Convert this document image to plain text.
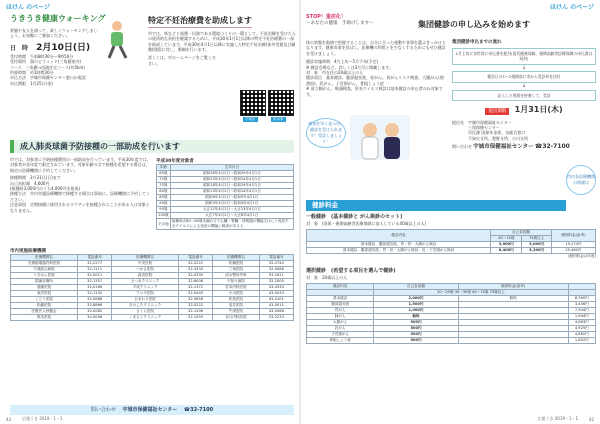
ほけん のページ	ほけん のページ
うきうき健康ウォーキング
景観や友人を誘って、楽しくウォーキングしましょう。お気軽にご参加ください。
日　時 2月10日(日)
受付時間　午前8時30分～9時50分
受付場所　湯のピラミッド(三角錐家内)
コース　三角錐→西浦住宅コース(約5km)
所要時間　約1時間30分
申込方法　宇城市保健センター窓口か電話
申込期限　1月25日(金)
特定不妊治療費を助成します
市では、県などと経費・出資である環境づくりの一環として、不妊治療を受けた人の経済的な負担を軽減するために、平成30年1月1日以降の特定不妊治療費の一部を助成しています。平成30年4月1日以降に実施した特定不妊治療(体外受精及び顕微授精)に対し、要綱を行います。
詳しくは、市ホームページをご覧ください。
宇城市	熊本県
成人肺炎球菌予防接種の一部助成を行います
市では、対象者に予防接種費用の一部助成を行っています。平成30年度では、対象者が各年度で限定されています。対象年齢の方で接種を希望する場合は、指定の医療機関に予約してください。
接種期間　3月31日(日)まで
自己負担額　4,600円
(接種料3,000円のうち4,000円を助成)
接種方法　市内実施医療機関で接種する場合は事前に、医療機関に予約してください。
注意事項　定期接種に使用されるワクチンを接種されたことがある人は対象となりません。
平成30年度対象者
年齢	生年月日
65歳	昭和28年4月2日～昭和29年4月1日
70歳	昭和23年4月2日～昭和24年4月1日
75歳	昭和18年4月2日～昭和19年4月1日
80歳	昭和13年4月2日～昭和14年4月1日
85歳	昭和8年4月2日～昭和9年4月1日
90歳	昭和3年4月2日～昭和4年4月1日
95歳	大正12年4月2日～大正13年4月1日
100歳	大正7年4月2日～大正8年4月1日
その他	接種時点60～65歳未満の方で心臓・腎臓・呼吸器の機能又はヒト免疫不全ウイルスによる免疫の機能に障害がある人
市内実施医療機関
医療機関名	電話番号	医療機関名	電話番号	医療機関名	電話番号
長嶺循環器内科医院	32-2277	中央医院	32-0222	松橋医院	52-2740
宇城総合病院	32-1111	つかさ医院	32-3333	三角医院	32-0088
うきはら医院	32-0011	森田医院	32-0335	清水整形外科	53-1611
郡浦診療所	32-1357	さつまクリニック	32-8008	不知火病院	32-2000
遠藤医院	32-0166	平成クリニック	32-1372	宮本内科医院	43-4333
東洋医院	32-1132	クロダ医院	32-0445	小川医院	43-0033
くどう医院	32-0666	ひまわり医院	32-5656	松島医院	43-0101
松橋医院	32-8866	きのしたクリニック	32-0222	浅井医院	43-0011
医療法人秋穂会	32-0082	さくら医院	32-1206	牛深医院	43-0066
熊本医院	32-0056	くまもとクリニック	32-1555	谷口内科医院	53-2233
問い合わせ　 宇城市保健福祉センター　 ☎32-7100
43	広報うき 2019・1・1
STOP！重症化！
～あなたの健康　手助けします～	集団健診の申し込みを始めます
体の状態を数値で把握することは、自分に合った運動や食事を選ぶきっかけとなります。健康寿命を延ばし、医療機の利用とを少なくするためにもぜひ健診を受けましょう。
健診実施時期　4月上旬～5月下旬(予定)
※ 健診会場など、詳しくは3月号に掲載します。
対　象　市在住の20歳以上の人
健診項目　基本健診、腹部超音波、胃がん、胃がんリスク検査、大腸がん(便潜血)、乳がん、子宮頸がん、骨粗しょう症
※ 前立腺がん、喉頭検査、肝炎ウイルス検診は基本健診の申込者のみ対象です。
病気を早く見つけ、健診を受けられます！受診しましょう！
集団健診申込までの流れ
1月上旬に各世帯に申込書を配付(国民健康保険、後期高齢者医療保険の申込書は同封)
↓
健診日の1～2週間前に市から受診券を送付
↓
記入した用紙を持参して、受診
提出期限 1月31日(木)
提出先　宇城市保健福祉センター
三角保健センター
市民課 国保年金係、各総合窓口
不知火支所、豊野支所、小川支所
問い合わせ 宇城市保健福祉センター ☎32-7100
市内各医療機関の情報は
健診料金
一般健診　(基本健診と がん検診のセット)
対　象　(国保・後期高齢者医療保険に加入している40歳以上の人)
健診内容	自己負担額		個別料金(参考)
	40～74歳	75歳以上	
基本健診、腹部超音波、胃・骨・大腸がん検診	3,000円	3,000円	19,274円
基本健診、腹部超音波、胃・骨・大腸がん検診、乳・子宮頸がん検診	6,400円	5,200円	25,460円
(個別料金は年度)
選択健診　(希望する項目を選んで健診)
対　象　20歳以上の人
健診内容	自己負担額	個別料金(参考)	
	20～29歳 30～39歳 40～74歳 75歳以上		
基本健診	2,000円	無料	8,390円
腹部超音波	1,500円		3,456円
胃がん	1,000円		7,944円
肺がん	無料		1,944円
大腸がん	500円		4,663円
乳がん	500円		4,925円
子宮頸がん	500円		4,862円
骨粗しょう症	500円		1,852円
42
広報うき 2019・1・1
